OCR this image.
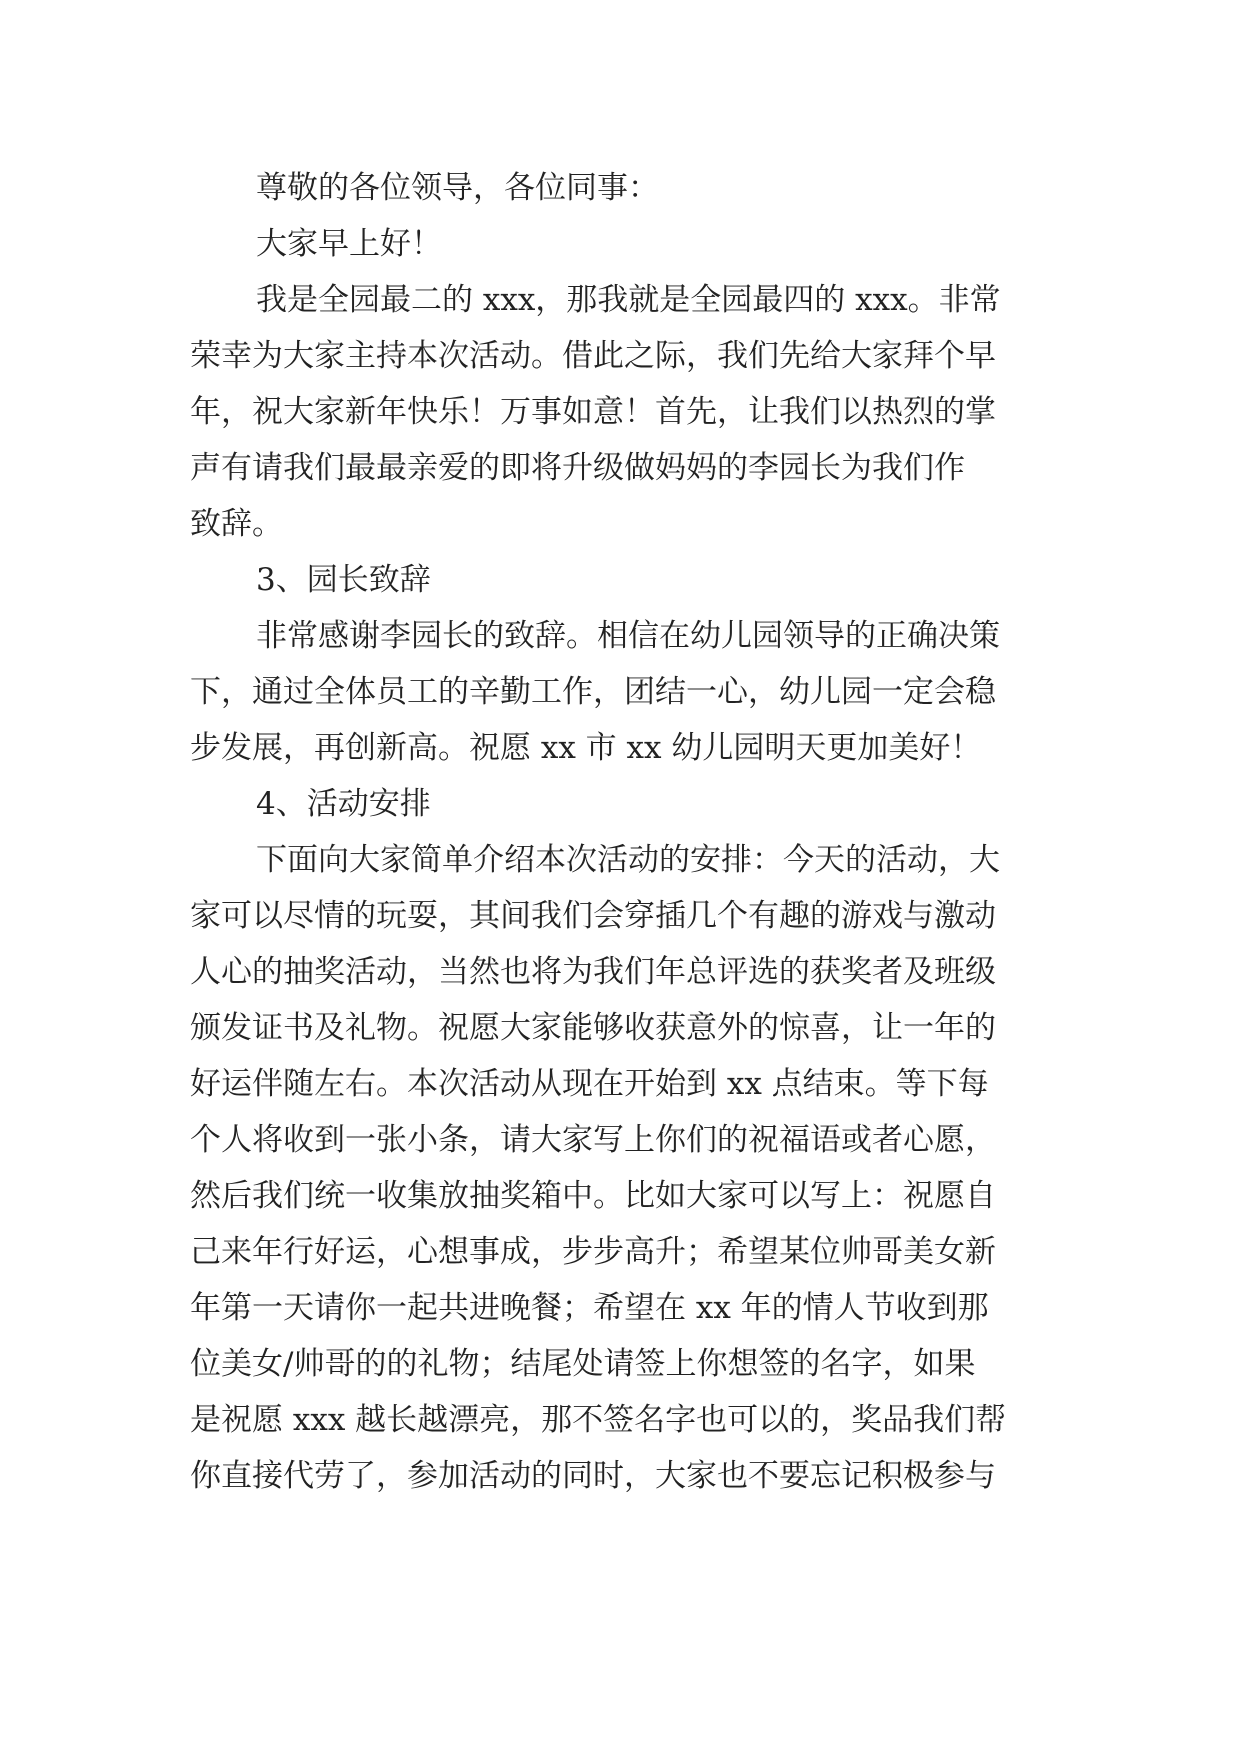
尊敬的各位领导，各位同事：

大家早上好！

我是全园最二的 xxx，那我就是全园最四的 xxx。非常
荣幸为大家主持本次活动。借此之际，我们先给大家拜个早
年，祝大家新年快乐！万事如意！首先，让我们以热烈的掌
声有请我们最最亲爱的即将升级做妈妈的李园长为我们作
致辞。

3、园长致辞

非常感谢李园长的致辞。相信在幼儿园领导的正确决策
下，通过全体员工的辛勤工作，团结一心，幼儿园一定会稳
步发展，再创新高。祝愿 xx 市 xx 幼儿园明天更加美好！

4、活动安排

下面向大家简单介绍本次活动的安排：今天的活动，大
家可以尽情的玩耍，其间我们会穿插几个有趣的游戏与激动
人心的抽奖活动，当然也将为我们年总评选的获奖者及班级
颁发证书及礼物。祝愿大家能够收获意外的惊喜，让一年的
好运伴随左右。本次活动从现在开始到 xx 点结束。等下每
个人将收到一张小条，请大家写上你们的祝福语或者心愿，
然后我们统一收集放抽奖箱中。比如大家可以写上：祝愿自
己来年行好运，心想事成，步步高升；希望某位帅哥美女新
年第一天请你一起共进晚餐；希望在 xx 年的情人节收到那
位美女/帅哥的的礼物；结尾处请签上你想签的名字，如果
是祝愿 xxx 越长越漂亮，那不签名字也可以的，奖品我们帮
你直接代劳了，参加活动的同时，大家也不要忘记积极参与
